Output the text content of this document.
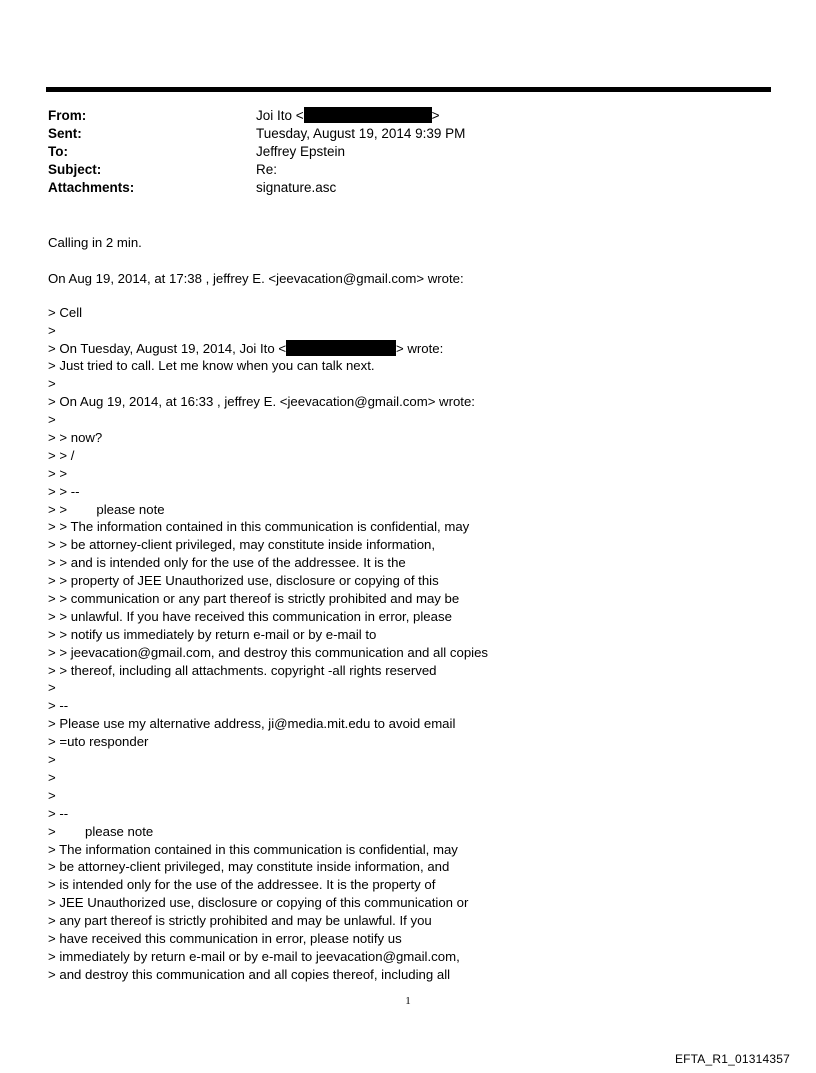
From:	Joi Ito <	>
Sent:	Tuesday, August 19, 2014 9:39 PM
To:	Jeffrey Epstein
Subject:	Re:
Attachments:	signature.asc
Calling in 2 min.
On Aug 19, 2014, at 17:38 , jeffrey E. <jeevacation@gmail.com> wrote:
> Cell
>
> On Tuesday, August 19, 2014, Joi Ito <	> wrote:
> Just tried to call. Let me know when you can talk next.
>
> On Aug 19, 2014, at 16:33 , jeffrey E. <jeevacation@gmail.com> wrote:
>
> > now?
> > /
> >
> > --
> >        please note
> > The information contained in this communication is confidential, may
> > be attorney-client privileged, may constitute inside information,
> > and is intended only for the use of the addressee. It is the
> > property of JEE Unauthorized use, disclosure or copying of this
> > communication or any part thereof is strictly prohibited and may be
> > unlawful. If you have received this communication in error, please
> > notify us immediately by return e-mail or by e-mail to
> > jeevacation@gmail.com, and destroy this communication and all copies
> > thereof, including all attachments. copyright -all rights reserved
>
> --
> Please use my alternative address, ji@media.mit.edu to avoid email
> =uto responder
>
>
>
> --
>        please note
> The information contained in this communication is confidential, may
> be attorney-client privileged, may constitute inside information, and
> is intended only for the use of the addressee. It is the property of
> JEE Unauthorized use, disclosure or copying of this communication or
> any part thereof is strictly prohibited and may be unlawful. If you
> have received this communication in error, please notify us
> immediately by return e-mail or by e-mail to jeevacation@gmail.com,
> and destroy this communication and all copies thereof, including all
1
EFTA_R1_01314357
